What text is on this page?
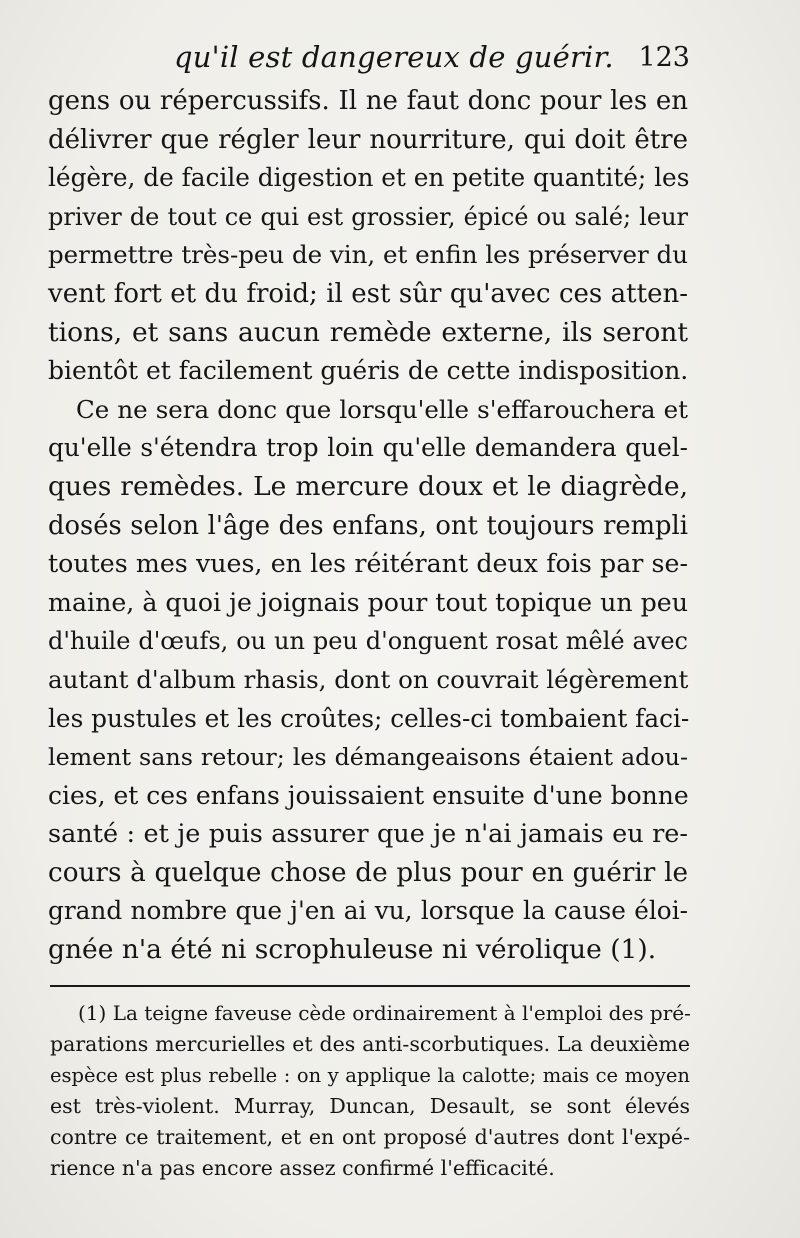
qu'il est dangereux de guérir. 123
gens ou répercussifs. Il ne faut donc pour les en
délivrer que régler leur nourriture, qui doit être
légère, de facile digestion et en petite quantité; les
priver de tout ce qui est grossier, épicé ou salé; leur
permettre très-peu de vin, et enfin les préserver du
vent fort et du froid; il est sûr qu'avec ces atten-
tions, et sans aucun remède externe, ils seront
bientôt et facilement guéris de cette indisposition.
Ce ne sera donc que lorsqu'elle s'effarouchera et
qu'elle s'étendra trop loin qu'elle demandera quel-
ques remèdes. Le mercure doux et le diagrède,
dosés selon l'âge des enfans, ont toujours rempli
toutes mes vues, en les réitérant deux fois par se-
maine, à quoi je joignais pour tout topique un peu
d'huile d'œufs, ou un peu d'onguent rosat mêlé avec
autant d'album rhasis, dont on couvrait légèrement
les pustules et les croûtes; celles-ci tombaient faci-
lement sans retour; les démangeaisons étaient adou-
cies, et ces enfans jouissaient ensuite d'une bonne
santé : et je puis assurer que je n'ai jamais eu re-
cours à quelque chose de plus pour en guérir le
grand nombre que j'en ai vu, lorsque la cause éloi-
gnée n'a été ni scrophuleuse ni vérolique (1).
(1) La teigne faveuse cède ordinairement à l'emploi des pré-
parations mercurielles et des anti-scorbutiques. La deuxième
espèce est plus rebelle : on y applique la calotte; mais ce moyen
est très-violent. Murray, Duncan, Desault, se sont élevés
contre ce traitement, et en ont proposé d'autres dont l'expé-
rience n'a pas encore assez confirmé l'efficacité.
